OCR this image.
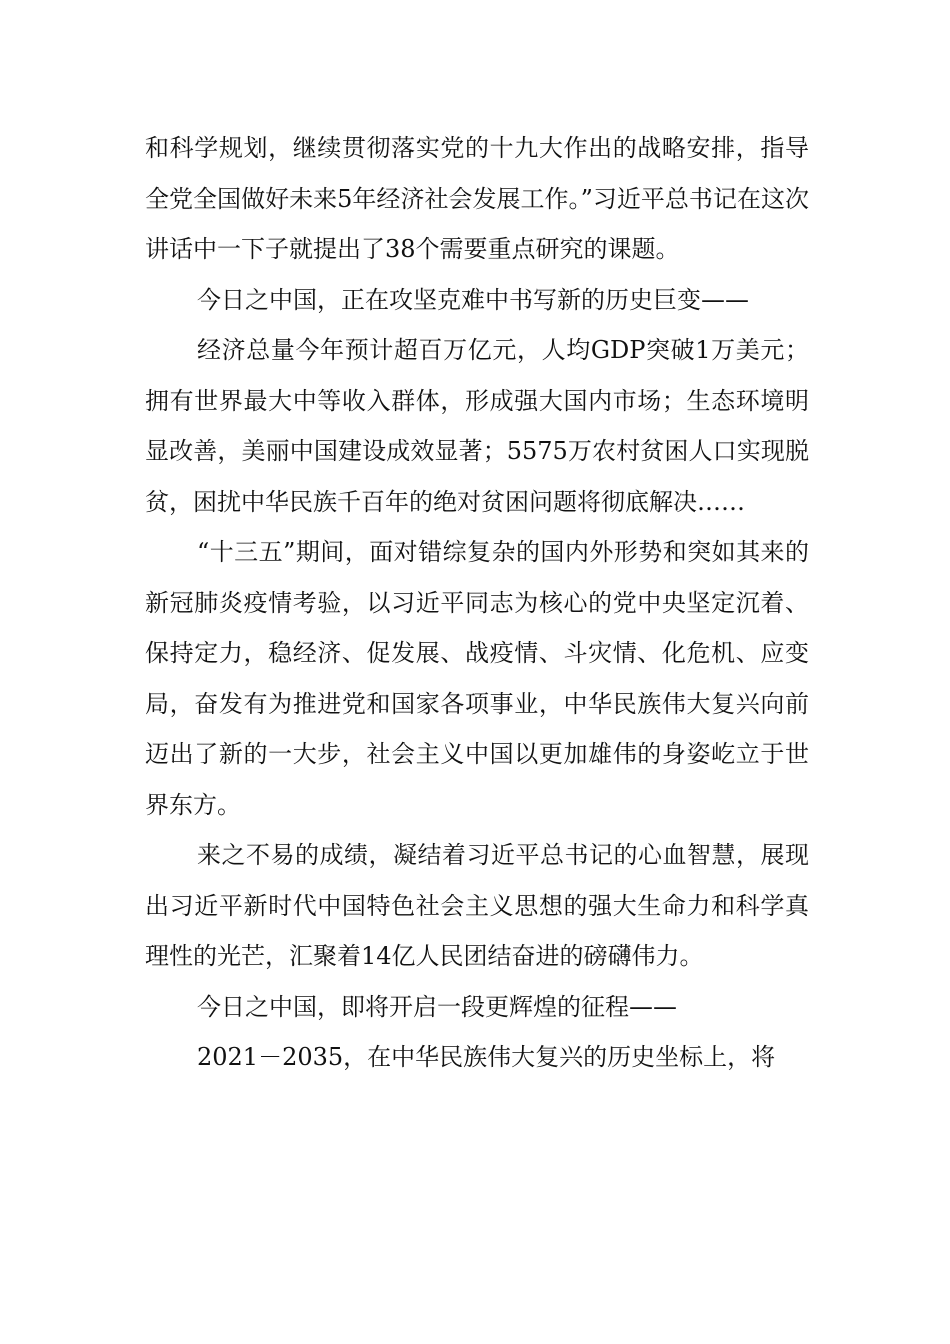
和科学规划，继续贯彻落实党的十九大作出的战略安排，指导全党全国做好未来5年经济社会发展工作。”习近平总书记在这次讲话中一下子就提出了38个需要重点研究的课题。

今日之中国，正在攻坚克难中书写新的历史巨变——

经济总量今年预计超百万亿元，人均GDP突破1万美元；拥有世界最大中等收入群体，形成强大国内市场；生态环境明显改善，美丽中国建设成效显著；5575万农村贫困人口实现脱贫，困扰中华民族千百年的绝对贫困问题将彻底解决……

“十三五”期间，面对错综复杂的国内外形势和突如其来的新冠肺炎疫情考验，以习近平同志为核心的党中央坚定沉着、保持定力，稳经济、促发展、战疫情、斗灾情、化危机、应变局，奋发有为推进党和国家各项事业，中华民族伟大复兴向前迈出了新的一大步，社会主义中国以更加雄伟的身姿屹立于世界东方。

来之不易的成绩，凝结着习近平总书记的心血智慧，展现出习近平新时代中国特色社会主义思想的强大生命力和科学真理性的光芒，汇聚着14亿人民团结奋进的磅礴伟力。

今日之中国，即将开启一段更辉煌的征程——

2021－2035，在中华民族伟大复兴的历史坐标上，将
